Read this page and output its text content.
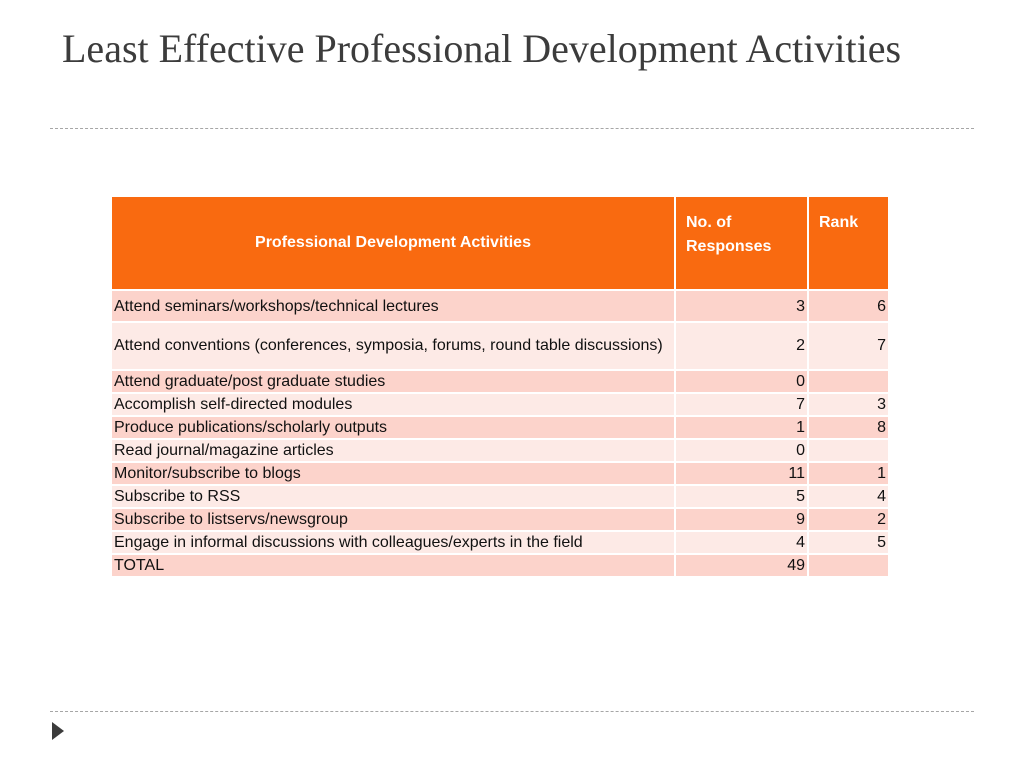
Least Effective Professional Development Activities
Professional Development Activities	No. of Responses	Rank
Attend seminars/workshops/technical lectures	3	6
Attend conventions (conferences, symposia, forums, round table discussions)	2	7
Attend graduate/post graduate studies	0	
Accomplish self-directed modules	7	3
Produce publications/scholarly outputs	1	8
Read journal/magazine articles	0	
Monitor/subscribe to blogs	11	1
Subscribe to RSS	5	4
Subscribe to listservs/newsgroup	9	2
Engage in informal discussions with colleagues/experts in the field	4	5
TOTAL	49	
